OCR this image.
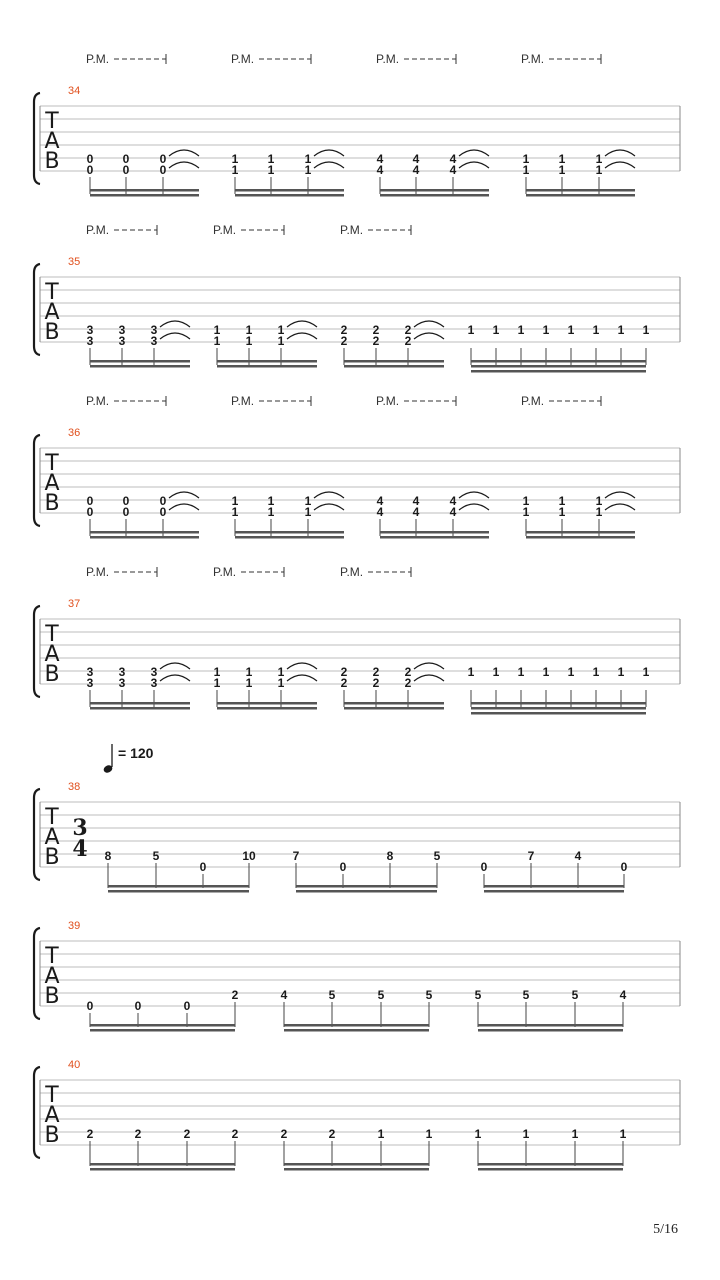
T
A
B
34
P.M.	P.M.	P.M.	P.M.
0
0
0
0
0
0
1
1
1
1
1
1
4
4
4
4
4
4
1
1
1
1
1
1
T
A
B
35
P.M.	P.M.	P.M.
3
3
3
3
3
3
1
1
1
1
1
1
2
2
2
2
2
2
1 1 1 1 1 1 1 1
T
A
B
36
P.M.	P.M.	P.M.	P.M.
0
0
0
0
0
0
1
1
1
1
1
1
4
4
4
4
4
4
1
1
1
1
1
1
T
A
B
37
P.M.	P.M.	P.M.
3
3
3
3
3
3
1
1
1
1
1
1
2
2
2
2
2
2
1 1 1 1 1 1 1 1
T
A
B
38
= 120
3
4 8	5
0
10	7
0
8	5
0
7	4
0
T
A
B
39
0	0	0
2	4	5	5	5	5	5	5	4
T
A
B
40
2	2	2	2	2	2	1	1	1	1	1	1
5/16
